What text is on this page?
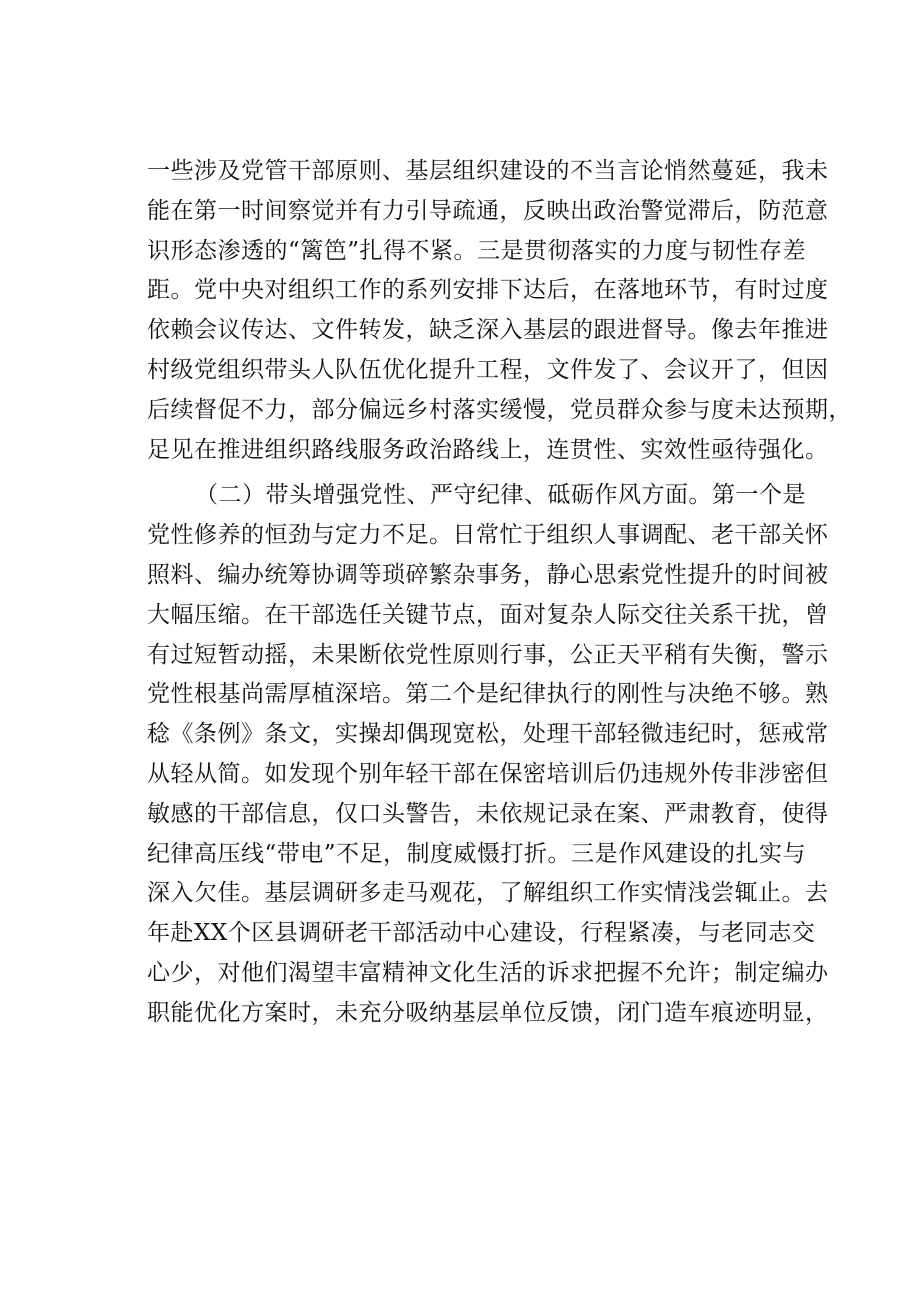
一些涉及党管干部原则、基层组织建设的不当言论悄然蔓延，我未
能在第一时间察觉并有力引导疏通，反映出政治警觉滞后，防范意
识形态渗透的“篱笆”扎得不紧。三是贯彻落实的力度与韧性存差
距。党中央对组织工作的系列安排下达后，在落地环节，有时过度
依赖会议传达、文件转发，缺乏深入基层的跟进督导。像去年推进
村级党组织带头人队伍优化提升工程，文件发了、会议开了，但因
后续督促不力，部分偏远乡村落实缓慢，党员群众参与度未达预期，
足见在推进组织路线服务政治路线上，连贯性、实效性亟待强化。
（二）带头增强党性、严守纪律、砥砺作风方面。第一个是
党性修养的恒劲与定力不足。日常忙于组织人事调配、老干部关怀
照料、编办统筹协调等琐碎繁杂事务，静心思索党性提升的时间被
大幅压缩。在干部选任关键节点，面对复杂人际交往关系干扰，曾
有过短暂动摇，未果断依党性原则行事，公正天平稍有失衡，警示
党性根基尚需厚植深培。第二个是纪律执行的刚性与决绝不够。熟
稔《条例》条文，实操却偶现宽松，处理干部轻微违纪时，惩戒常
从轻从简。如发现个别年轻干部在保密培训后仍违规外传非涉密但
敏感的干部信息，仅口头警告，未依规记录在案、严肃教育，使得
纪律高压线“带电”不足，制度威慑打折。三是作风建设的扎实与
深入欠佳。基层调研多走马观花，了解组织工作实情浅尝辄止。去
年赴XX个区县调研老干部活动中心建设，行程紧凑，与老同志交
心少，对他们渴望丰富精神文化生活的诉求把握不允许；制定编办
职能优化方案时，未充分吸纳基层单位反馈，闭门造车痕迹明显，
